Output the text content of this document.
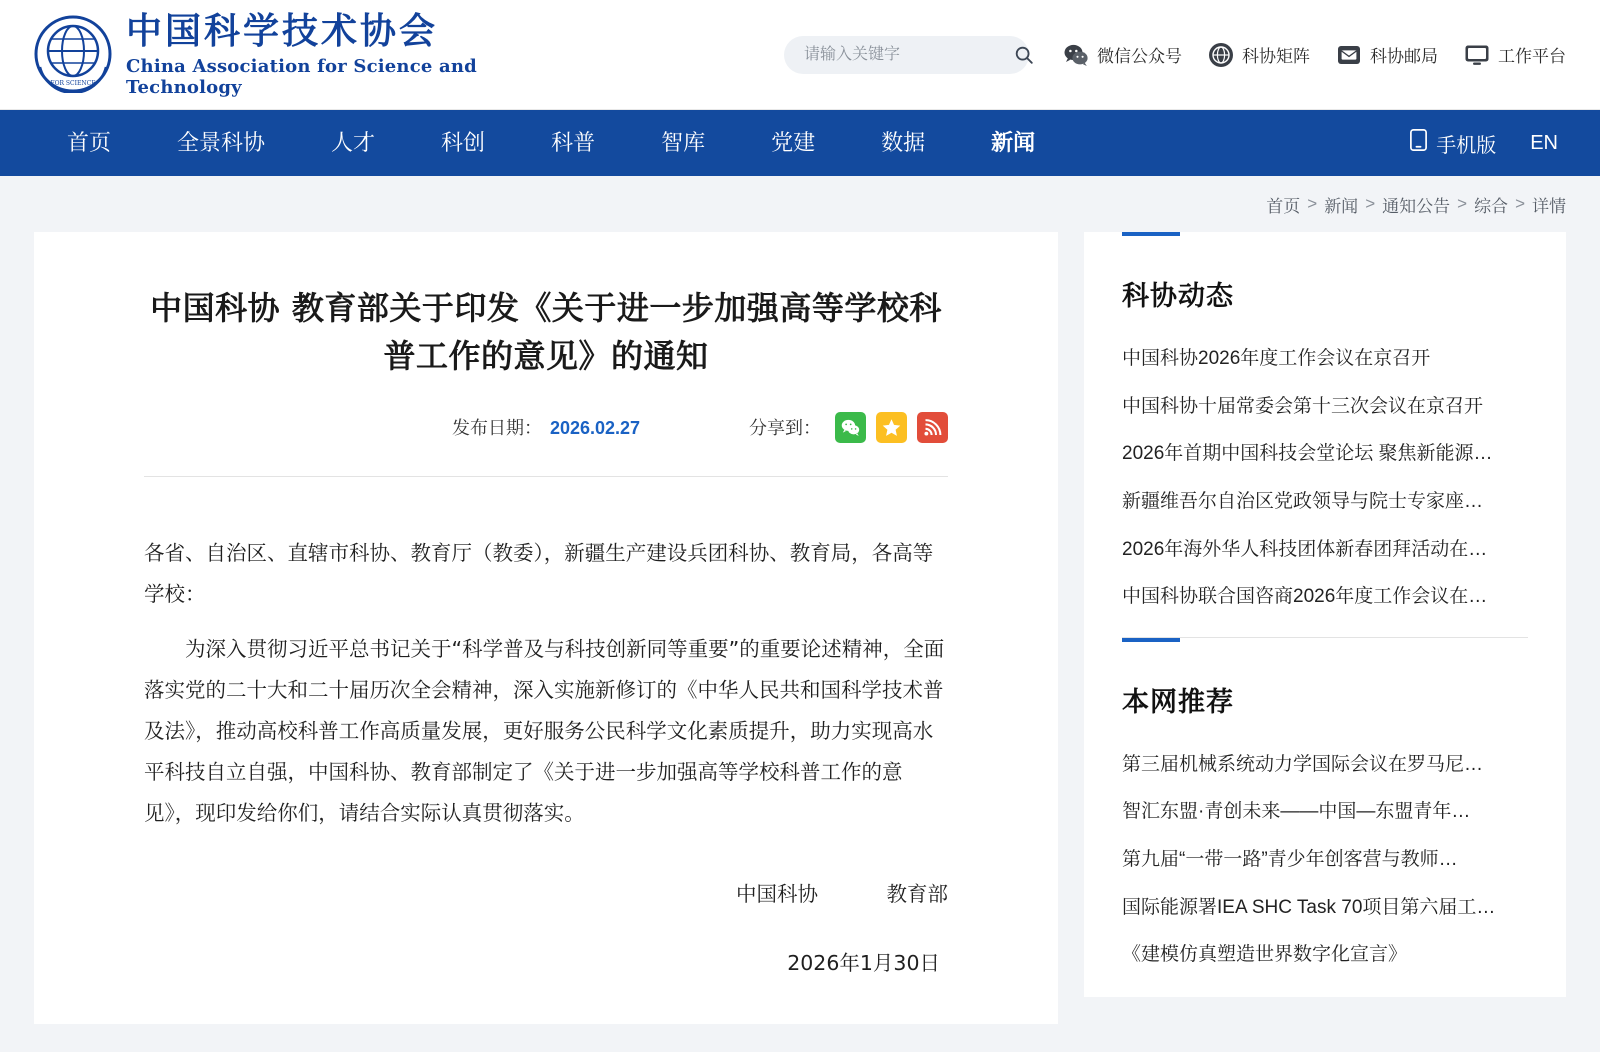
FOR SCIENCE
中国科学技术协会
China Association for Science and Technology
请输入关键字
微信公众号	科协矩阵	科协邮局	工作平台
首页	全景科协	人才	科创	科普	智库	党建	数据	新闻	手机版 EN
首页 > 新闻 > 通知公告 > 综合 > 详情
中国科协 教育部关于印发《关于进一步加强高等学校科普工作的意见》的通知
发布日期： 2026.02.27	分享到：

各省、自治区、直辖市科协、教育厅（教委），新疆生产建设兵团科协、教育局，各高等学校：

为深入贯彻习近平总书记关于“科学普及与科技创新同等重要”的重要论述精神，全面落实党的二十大和二十届历次全会精神，深入实施新修订的《中华人民共和国科学技术普及法》，推动高校科普工作高质量发展，更好服务公民科学文化素质提升，助力实现高水平科技自立自强，中国科协、教育部制定了《关于进一步加强高等学校科普工作的意见》，现印发给你们，请结合实际认真贯彻落实。

中国科协	教育部
2026年1月30日
科协动态
中国科协2026年度工作会议在京召开
中国科协十届常委会第十三次会议在京召开
2026年首期中国科技会堂论坛 聚焦新能源…
新疆维吾尔自治区党政领导与院士专家座…
2026年海外华人科技团体新春团拜活动在…
中国科协联合国咨商2026年度工作会议在…
本网推荐
第三届机械系统动力学国际会议在罗马尼…
智汇东盟·青创未来——中国—东盟青年…
第九届“一带一路”青少年创客营与教师…
国际能源署IEA SHC Task 70项目第六届工…
《建模仿真塑造世界数字化宣言》
